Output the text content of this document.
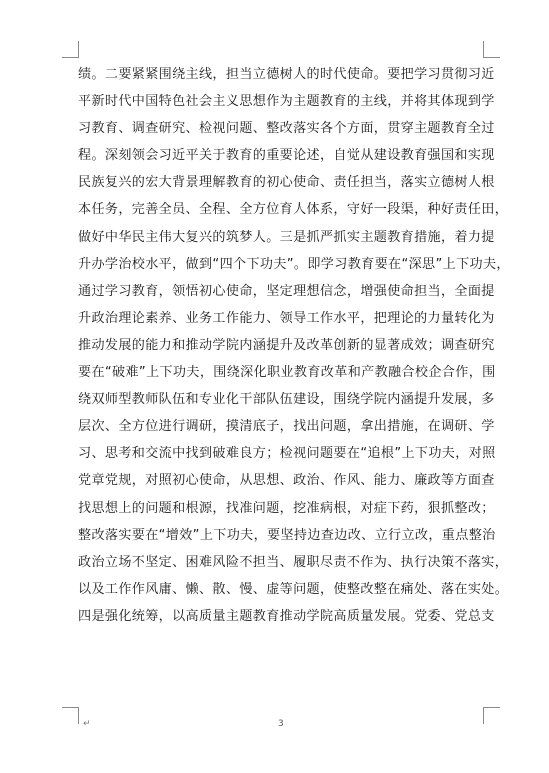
绩。二要紧紧围绕主线，担当立德树人的时代使命。要把学习贯彻习近
平新时代中国特色社会主义思想作为主题教育的主线，并将其体现到学
习教育、调查研究、检视问题、整改落实各个方面，贯穿主题教育全过
程。深刻领会习近平关于教育的重要论述，自觉从建设教育强国和实现
民族复兴的宏大背景理解教育的初心使命、责任担当，落实立德树人根
本任务，完善全员、全程、全方位育人体系，守好一段渠，种好责任田，
做好中华民主伟大复兴的筑梦人。三是抓严抓实主题教育措施，着力提
升办学治校水平，做到“四个下功夫”。即学习教育要在“深思”上下功夫，
通过学习教育，领悟初心使命，坚定理想信念，增强使命担当，全面提
升政治理论素养、业务工作能力、领导工作水平，把理论的力量转化为
推动发展的能力和推动学院内涵提升及改革创新的显著成效；调查研究
要在“破难”上下功夫，围绕深化职业教育改革和产教融合校企合作，围
绕双师型教师队伍和专业化干部队伍建设，围绕学院内涵提升发展，多
层次、全方位进行调研，摸清底子，找出问题，拿出措施，在调研、学
习、思考和交流中找到破难良方；检视问题要在“追根”上下功夫，对照
党章党规，对照初心使命，从思想、政治、作风、能力、廉政等方面查
找思想上的问题和根源，找准问题，挖准病根，对症下药，狠抓整改；
整改落实要在“增效”上下功夫，要坚持边查边改、立行立改，重点整治
政治立场不坚定、困难风险不担当、履职尽责不作为、执行决策不落实，
以及工作作风庸、懒、散、慢、虚等问题，使整改整在痛处、落在实处。
四是强化统筹，以高质量主题教育推动学院高质量发展。党委、党总支
↵	3
